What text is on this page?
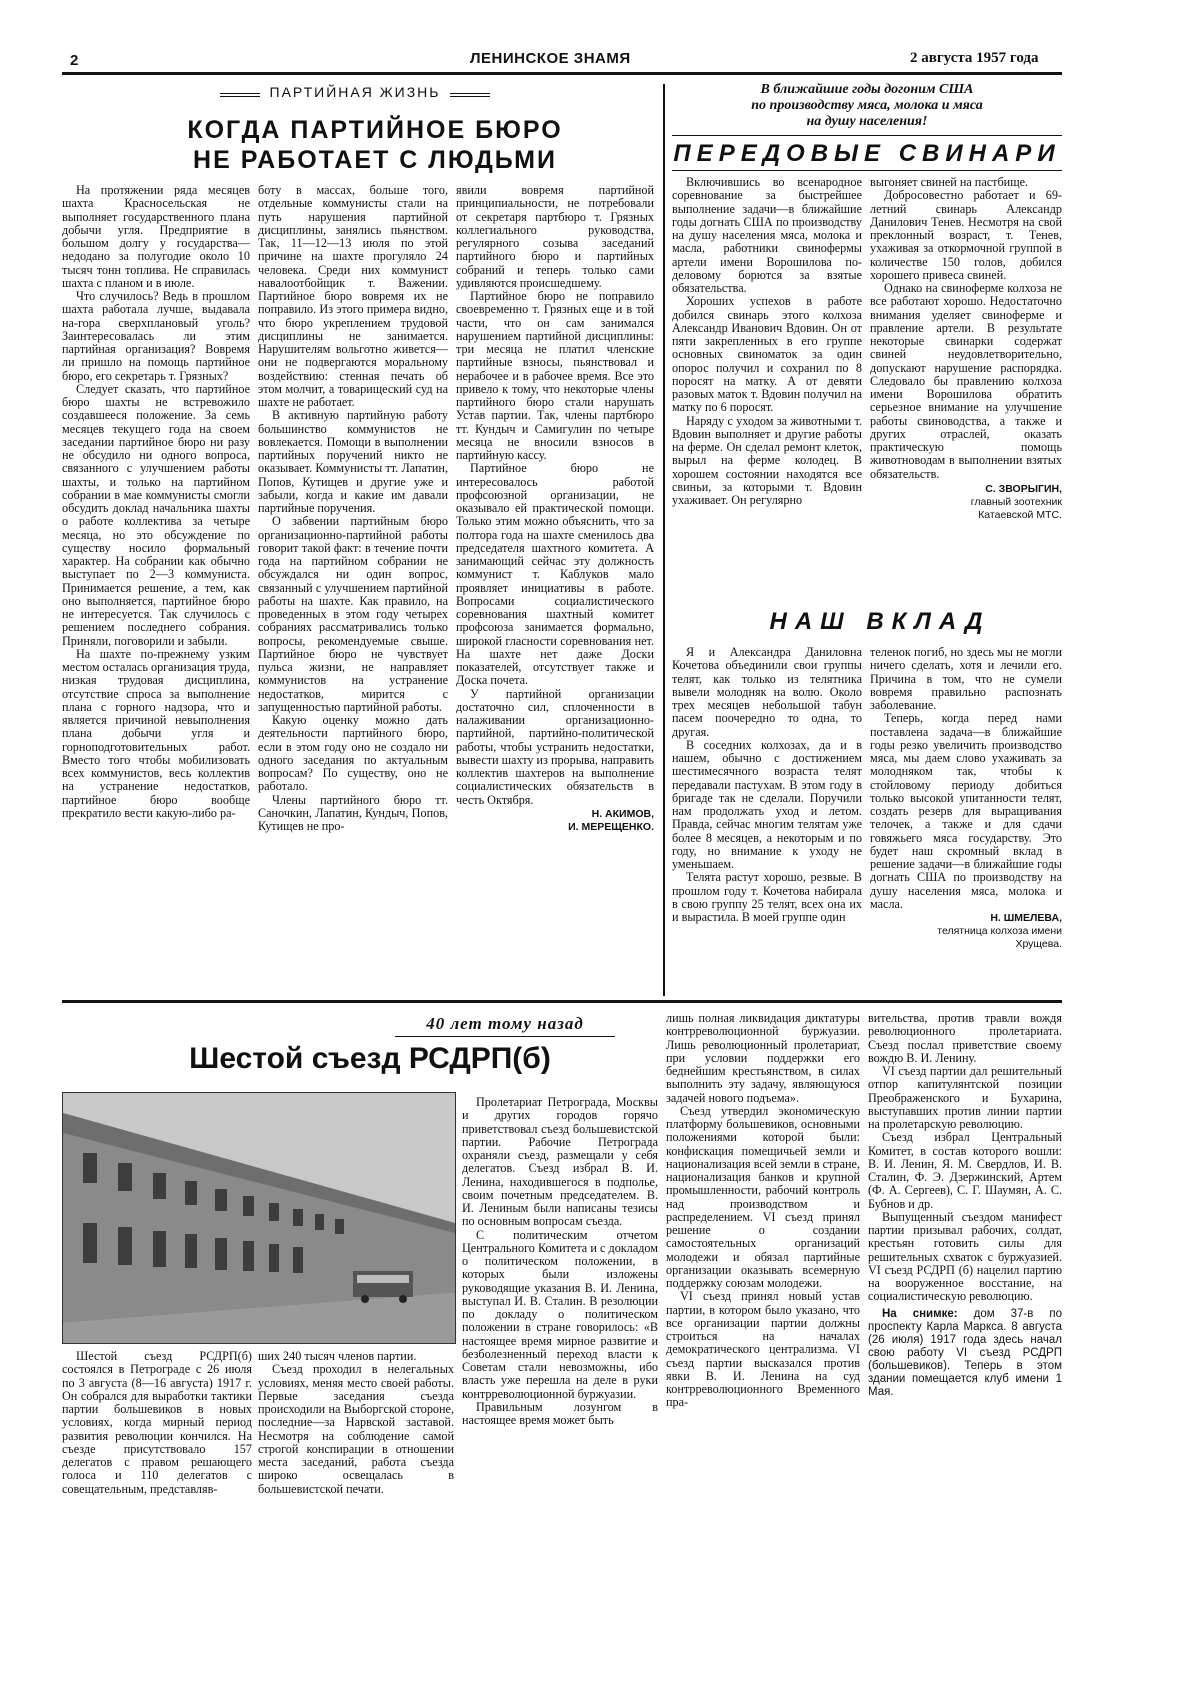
2	ЛЕНИНСКОЕ ЗНАМЯ	2 августа 1957 года
ПАРТИЙНАЯ ЖИЗНЬ
КОГДА ПАРТИЙНОЕ БЮРО
НЕ РАБОТАЕТ С ЛЮДЬМИ

На протяжении ряда месяцев шахта Красносельская не выполняет государственного плана добычи угля. Предприятие в большом долгу у государства—недодано за полугодие около 10 тысяч тонн топлива. Не справилась шахта с планом и в июле.

Что случилось? Ведь в прошлом шахта работала лучше, выдавала на-гора сверхплановый уголь? Заинтересовалась ли этим партийная организация? Вовремя ли пришло на помощь партийное бюро, его секретарь т. Грязных?

Следует сказать, что партийное бюро шахты не встревожило создавшееся положение. За семь месяцев текущего года на своем заседании партийное бюро ни разу не обсудило ни одного вопроса, связанного с улучшением работы шахты, и только на партийном собрании в мае коммунисты смогли обсудить доклад начальника шахты о работе коллектива за четыре месяца, но это обсуждение по существу носило формальный характер. На собрании как обычно выступает по 2—3 коммуниста. Принимается решение, а тем, как оно выполняется, партийное бюро не интересуется. Так случилось с решением последнего собрания. Приняли, поговорили и забыли.

На шахте по-прежнему узким местом осталась организация труда, низкая трудовая дисциплина, отсутствие спроса за выполнение плана с горного надзора, что и является причиной невыполнения плана добычи угля и горноподготовительных работ. Вместо того чтобы мобилизовать всех коммунистов, весь коллектив на устранение недостатков, партийное бюро вообще прекратило вести какую-либо ра-

боту в массах, больше того, отдельные коммунисты стали на путь нарушения партийной дисциплины, занялись пьянством. Так, 11—12—13 июля по этой причине на шахте прогуляло 24 человека. Среди них коммунист навалоотбойщик т. Важении. Партийное бюро вовремя их не поправило. Из этого примера видно, что бюро укреплением трудовой дисциплины не занимается. Нарушителям вольготно живется—они не подвергаются моральному воздействию: стенная печать об этом молчит, а товарищеский суд на шахте не работает.

В активную партийную работу большинство коммунистов не вовлекается. Помощи в выполнении партийных поручений никто не оказывает. Коммунисты тт. Лапатин, Попов, Кутищев и другие уже и забыли, когда и какие им давали партийные поручения.

О забвении партийным бюро организационно-партийной работы говорит такой факт: в течение почти года на партийном собрании не обсуждался ни один вопрос, связанный с улучшением партийной работы на шахте. Как правило, на проведенных в этом году четырех собраниях рассматривались только вопросы, рекомендуемые свыше. Партийное бюро не чувствует пульса жизни, не направляет коммунистов на устранение недостатков, мирится с запущенностью партийной работы.

Какую оценку можно дать деятельности партийного бюро, если в этом году оно не создало ни одного заседания по актуальным вопросам? По существу, оно не работало.

Члены партийного бюро тт. Саночкин, Лапатин, Кундыч, Попов, Кутищев не про-

явили вовремя партийной принципиальности, не потребовали от секретаря партбюро т. Грязных коллегиального руководства, регулярного созыва заседаний партийного бюро и партийных собраний и теперь только сами удивляются происшедшему.

Партийное бюро не поправило своевременно т. Грязных еще и в той части, что он сам занимался нарушением партийной дисциплины: три месяца не платил членские партийные взносы, пьянствовал и нерабочее и в рабочее время. Все это привело к тому, что некоторые члены партийного бюро стали нарушать Устав партии. Так, члены партбюро тт. Кундыч и Самигулин по четыре месяца не вносили взносов в партийную кассу.

Партийное бюро не интересовалось работой профсоюзной организации, не оказывало ей практической помощи. Только этим можно объяснить, что за полтора года на шахте сменилось два председателя шахтного комитета. А занимающий сейчас эту должность коммунист т. Каблуков мало проявляет инициативы в работе. Вопросами социалистического соревнования шахтный комитет профсоюза занимается формально, широкой гласности соревнования нет. На шахте нет даже Доски показателей, отсутствует также и Доска почета.

У партийной организации достаточно сил, сплоченности в налаживании организационно-партийной, партийно-политической работы, чтобы устранить недостатки, вывести шахту из прорыва, направить коллектив шахтеров на выполнение социалистических обязательств в честь Октября.

Н. АКИМОВ,
И. МЕРЕЩЕНКО.
В ближайшие годы догоним США
по производству мяса, молока и мяса
на душу населения!
ПЕРЕДОВЫЕ СВИНАРИ

Включившись во всенародное соревнование за быстрейшее выполнение задачи—в ближайшие годы догнать США по производству на душу населения мяса, молока и масла, работники свинофермы артели имени Ворошилова по-деловому борются за взятые обязательства.

Хороших успехов в работе добился свинарь этого колхоза Александр Иванович Вдовин. Он от пяти закрепленных в его группе основных свиноматок за один опорос получил и сохранил по 8 поросят на матку. А от девяти разовых маток т. Вдовин получил на матку по 6 поросят.

Наряду с уходом за животными т. Вдовин выполняет и другие работы на ферме. Он сделал ремонт клеток, вырыл на ферме колодец. В хорошем состоянии находятся все свиньи, за которыми т. Вдовин ухаживает. Он регулярно

выгоняет свиней на пастбище.

Добросовестно работает и 69-летний свинарь Александр Данилович Тенев. Несмотря на свой преклонный возраст, т. Тенев, ухаживая за откормочной группой в количестве 150 голов, добился хорошего привеса свиней.

Однако на свиноферме колхоза не все работают хорошо. Недостаточно внимания уделяет свиноферме и правление артели. В результате некоторые свинарки содержат свиней неудовлетворительно, допускают нарушение распорядка. Следовало бы правлению колхоза имени Ворошилова обратить серьезное внимание на улучшение работы свиноводства, а также и других отраслей, оказать практическую помощь животноводам в выполнении взятых обязательств.

С. ЗВОРЫГИН,
главный зоотехник
Катаевской МТС.
НАШ ВКЛАД

Я и Александра Даниловна Кочетова объединили свои группы телят, как только из телятника вывели молодняк на волю. Около трех месяцев небольшой табун пасем поочередно то одна, то другая.

В соседних колхозах, да и в нашем, обычно с достижением шестимесячного возраста телят передавали пастухам. В этом году в бригаде так не сделали. Поручили нам продолжать уход и летом. Правда, сейчас многим телятам уже более 8 месяцев, а некоторым и по году, но внимание к уходу не уменьшаем.

Телята растут хорошо, резвые. В прошлом году т. Кочетова набирала в свою группу 25 телят, всех она их и вырастила. В моей группе один

теленок погиб, но здесь мы не могли ничего сделать, хотя и лечили его. Причина в том, что не сумели вовремя правильно распознать заболевание.

Теперь, когда перед нами поставлена задача—в ближайшие годы резко увеличить производство мяса, мы даем слово ухаживать за молодняком так, чтобы к стойловому периоду добиться только высокой упитанности телят, создать резерв для выращивания телочек, а также и для сдачи говяжьего мяса государству. Это будет наш скромный вклад в решение задачи—в ближайшие годы догнать США по производству на душу населения мяса, молока и масла.

Н. ШМЕЛЕВА,
телятница колхоза имени
Хрущева.
40 лет тому назад
Шестой съезд РСДРП(б)

Шестой съезд РСДРП(б) состоялся в Петрограде с 26 июля по 3 августа (8—16 августа) 1917 г. Он собрался для выработки тактики партии большевиков в новых условиях, когда мирный период развития революции кончился. На съезде присутствовало 157 делегатов с правом решающего голоса и 110 делегатов с совещательным, представляв-

ших 240 тысяч членов партии.

Съезд проходил в нелегальных условиях, меняя место своей работы. Первые заседания съезда происходили на Выборгской стороне, последние—за Нарвской заставой. Несмотря на соблюдение самой строгой конспирации в отношении места заседаний, работа съезда широко освещалась в большевистской печати.

Пролетариат Петрограда, Москвы и других городов горячо приветствовал съезд большевистской партии. Рабочие Петрограда охраняли съезд, размещали у себя делегатов. Съезд избрал В. И. Ленина, находившегося в подполье, своим почетным председателем. В. И. Лениным были написаны тезисы по основным вопросам съезда.

С политическим отчетом Центрального Комитета и с докладом о политическом положении, в которых были изложены руководящие указания В. И. Ленина, выступал И. В. Сталин. В резолюции по докладу о политическом положении в стране говорилось: «В настоящее время мирное развитие и безболезненный переход власти к Советам стали невозможны, ибо власть уже перешла на деле в руки контрреволюционной буржуазии.

Правильным лозунгом в настоящее время может быть

лишь полная ликвидация диктатуры контрреволюционной буржуазии. Лишь революционный пролетариат, при условии поддержки его беднейшим крестьянством, в силах выполнить эту задачу, являющуюся задачей нового подъема».

Съезд утвердил экономическую платформу большевиков, основными положениями которой были: конфискация помещичьей земли и национализация всей земли в стране, национализация банков и крупной промышленности, рабочий контроль над производством и распределением. VI съезд принял решение о создании самостоятельных организаций молодежи и обязал партийные организации оказывать всемерную поддержку союзам молодежи.

VI съезд принял новый устав партии, в котором было указано, что все организации партии должны строиться на началах демократического централизма. VI съезд партии высказался против явки В. И. Ленина на суд контрреволюционного Временного пра-

вительства, против травли вождя революционного пролетариата. Съезд послал приветствие своему вождю В. И. Ленину.

VI съезд партии дал решительный отпор капитулянтской позиции Преображенского и Бухарина, выступавших против линии партии на пролетарскую революцию.

Съезд избрал Центральный Комитет, в состав которого вошли: В. И. Ленин, Я. М. Свердлов, И. В. Сталин, Ф. Э. Дзержинский, Артем (Ф. А. Сергеев), С. Г. Шаумян, А. С. Бубнов и др.

Выпущенный съездом манифест партии призывал рабочих, солдат, крестьян готовить силы для решительных схваток с буржуазией. VI съезд РСДРП (б) нацелил партию на вооруженное восстание, на социалистическую революцию.

На снимке: дом 37-в по проспекту Карла Маркса. 8 августа (26 июля) 1917 года здесь начал свою работу VI съезд РСДРП (большевиков). Теперь в этом здании помещается клуб имени 1 Мая.
